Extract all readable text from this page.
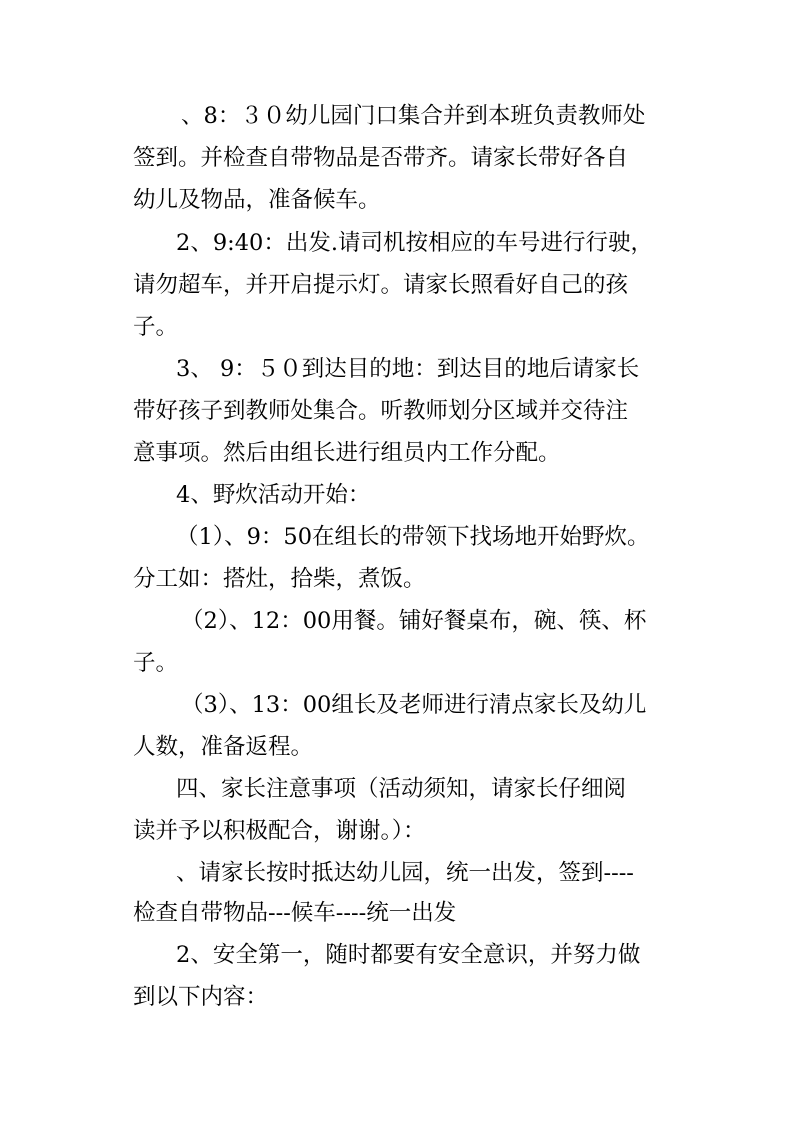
、8：３０幼儿园门口集合并到本班负责教师处
签到。并检查自带物品是否带齐。请家长带好各自
幼儿及物品，准备候车。
2、9:40：出发.请司机按相应的车号进行行驶，
请勿超车，并开启提示灯。请家长照看好自己的孩
子。
3、 9：５０到达目的地：到达目的地后请家长
带好孩子到教师处集合。听教师划分区域并交待注
意事项。然后由组长进行组员内工作分配。
4、野炊活动开始：
（1）、9：50在组长的带领下找场地开始野炊。
分工如：搭灶，拾柴，煮饭。
（2）、12：00用餐。铺好餐桌布，碗、筷、杯
子。
（3）、13：00组长及老师进行清点家长及幼儿
人数，准备返程。
四、家长注意事项（活动须知，请家长仔细阅
读并予以积极配合，谢谢。）：
、请家长按时抵达幼儿园，统一出发，签到----
检查自带物品---候车----统一出发
2、安全第一，随时都要有安全意识，并努力做
到以下内容：
